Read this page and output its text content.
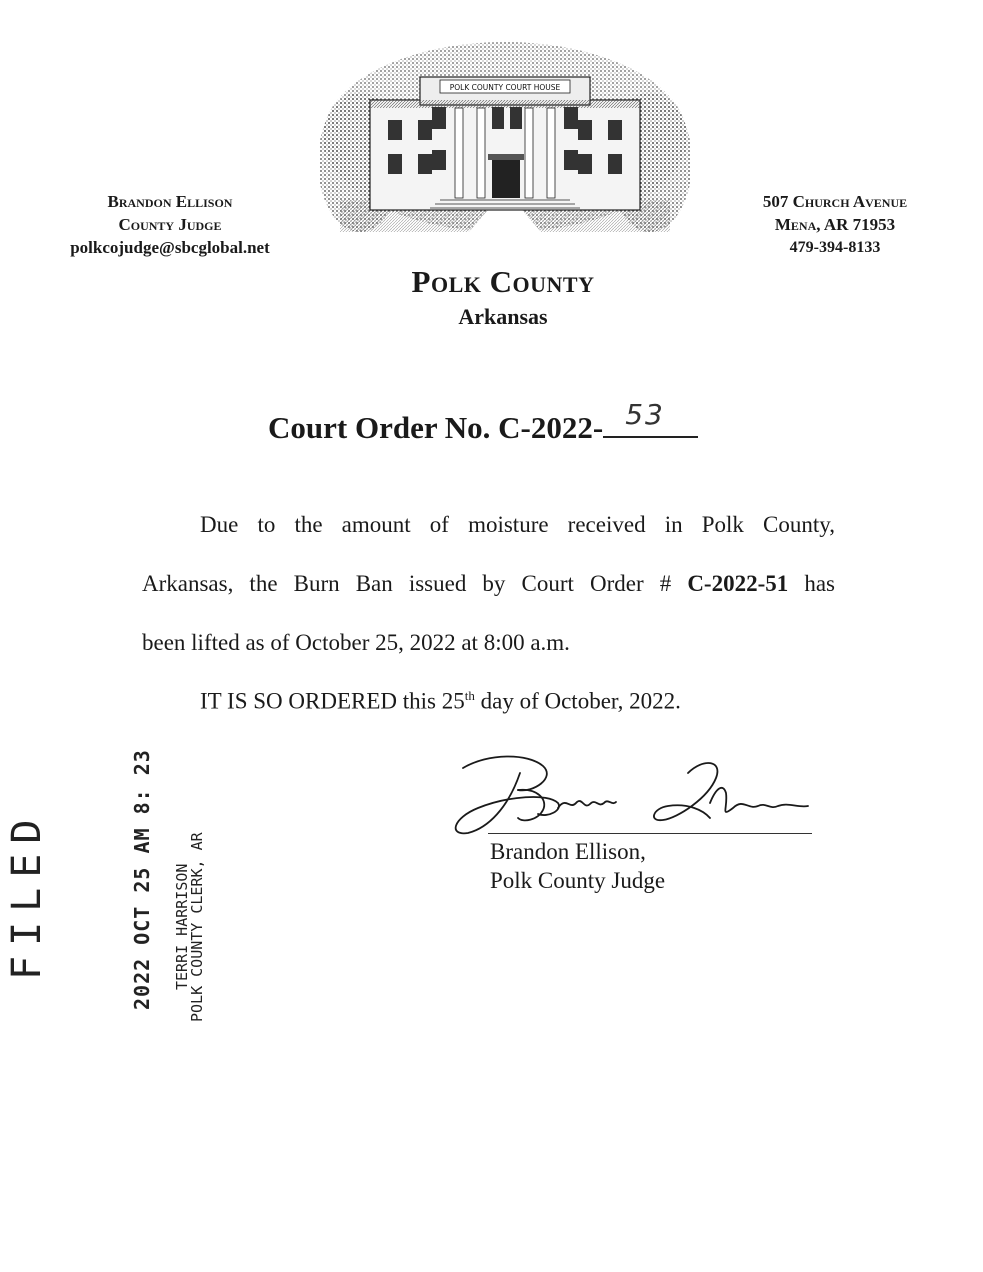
Brandon Ellison
County Judge
polkcojudge@sbcglobal.net
POLK COUNTY COURT HOUSE
Polk County
Arkansas
507 Church Avenue
Mena, AR 71953
479-394-8133
Court Order No. C-2022- 53
Due to the amount of moisture received in Polk County,
Arkansas, the Burn Ban issued by Court Order # C-2022-51 has
been lifted as of October 25, 2022 at 8:00 a.m.
IT IS SO ORDERED this 25th day of October, 2022.
Brandon Ellison,
Polk County Judge
FILED	2022 OCT 25 AM 8: 23 TERRI HARRISON
POLK COUNTY CLERK, AR
